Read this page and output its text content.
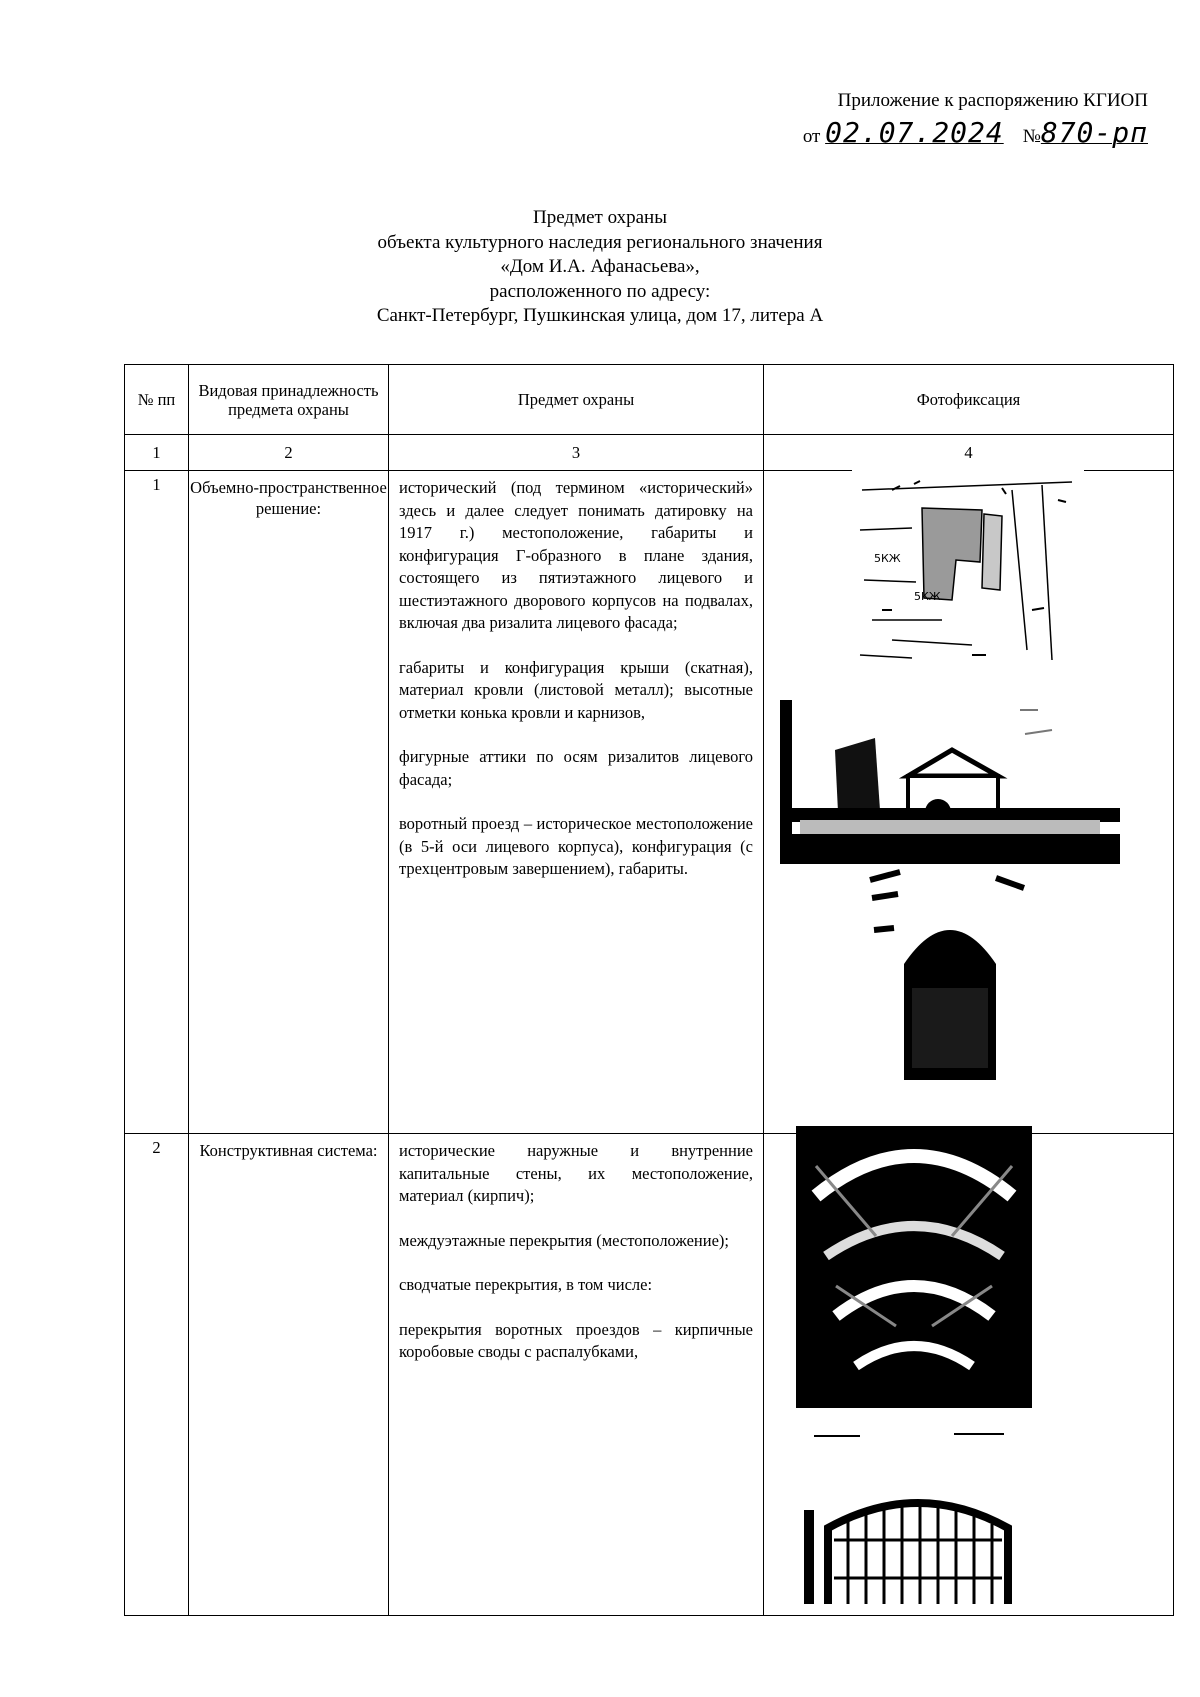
Приложение к распоряжению КГИОП
от 02.07.2024 №870-рп
Предмет охраны
объекта культурного наследия регионального значения
«Дом И.А. Афанасьева»,
расположенного по адресу:
Санкт-Петербург, Пушкинская улица, дом 17, литера А
№ пп	Видовая принадлежность предмета охраны	Предмет охраны	Фотофиксация
1	2	3	4
1	Объемно-пространственное решение:	исторический (под термином «исторический» здесь и далее следует понимать датировку на 1917 г.) местоположение, габариты и конфигурация Г-образного в плане здания, состоящего из пятиэтажного лицевого и шестиэтажного дворового корпусов на подвалах, включая два ризалита лицевого фасада;

габариты и конфигурация крыши (скатная), материал кровли (листовой металл); высотные отметки конька кровли и карнизов,

фигурные аттики по осям ризалитов лицевого фасада;

воротный проезд – историческое местоположение (в 5-й оси лицевого корпуса), конфигурация (с трехцентровым завершением), габариты.	

2	Конструктивная система:	исторические наружные и внутренние капитальные стены, их местоположение, материал (кирпич);

междуэтажные перекрытия (местоположение);

сводчатые перекрытия, в том числе:

перекрытия воротных проездов – кирпичные коробовые своды с распалубками,	

5КЖ
5КЖ
